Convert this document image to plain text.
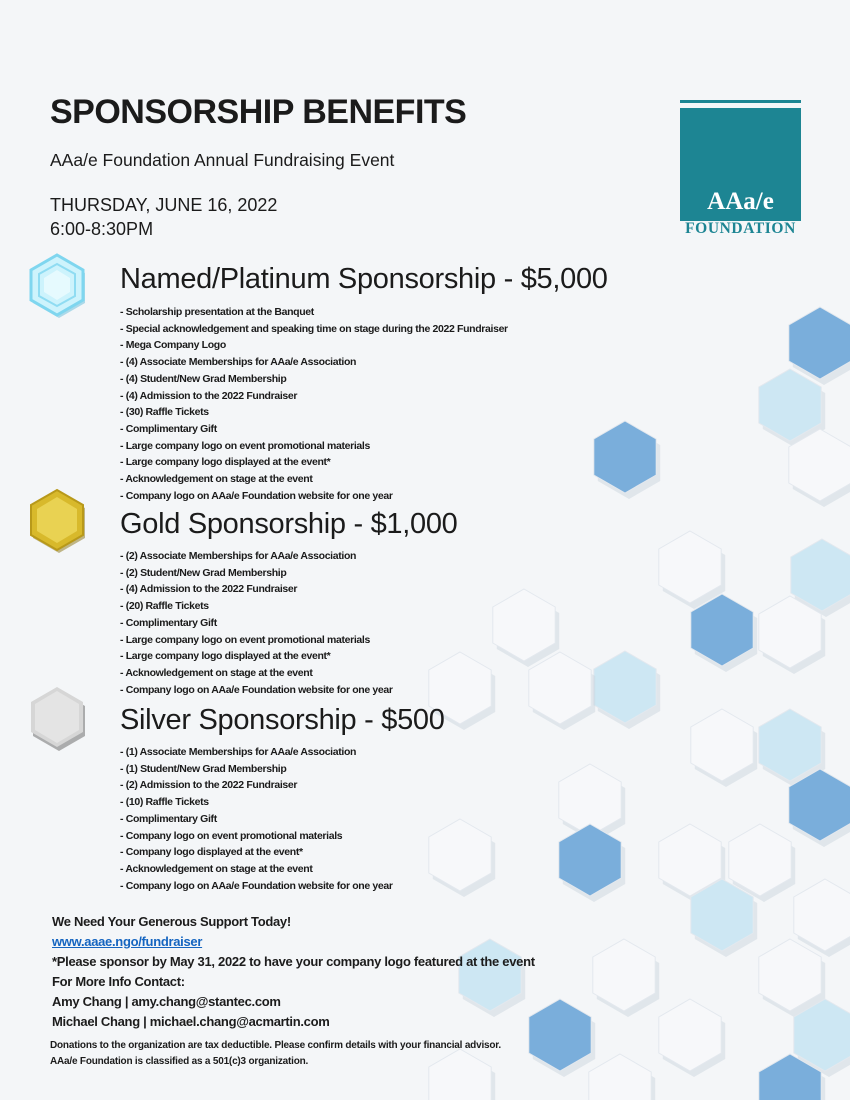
SPONSORSHIP BENEFITS
AAa/e Foundation Annual Fundraising Event
THURSDAY, JUNE 16, 2022
6:00-8:30PM
AAa/e
FOUNDATION
Named/Platinum Sponsorship - $5,000
- Scholarship presentation at the Banquet
- Special acknowledgement and speaking time on stage during the 2022 Fundraiser
- Mega Company Logo
- (4) Associate Memberships for AAa/e Association
- (4) Student/New Grad Membership
- (4) Admission to the 2022 Fundraiser
- (30) Raffle Tickets
- Complimentary Gift
- Large company logo on event promotional materials
- Large company logo displayed at the event*
- Acknowledgement on stage at the event
- Company logo on AAa/e Foundation website for one year
Gold Sponsorship - $1,000
- (2) Associate Memberships for AAa/e Association
- (2) Student/New Grad Membership
- (4) Admission to the 2022 Fundraiser
- (20) Raffle Tickets
- Complimentary Gift
- Large company logo on event promotional materials
- Large company logo displayed at the event*
- Acknowledgement on stage at the event
- Company logo on AAa/e Foundation website for one year
Silver Sponsorship - $500
- (1) Associate Memberships for AAa/e Association
- (1) Student/New Grad Membership
- (2) Admission to the 2022 Fundraiser
- (10) Raffle Tickets
- Complimentary Gift
- Company logo on event promotional materials
- Company logo displayed at the event*
- Acknowledgement on stage at the event
- Company logo on AAa/e Foundation website for one year
We Need Your Generous Support Today!
www.aaae.ngo/fundraiser
*Please sponsor by May 31, 2022 to have your company logo featured at the event
For More Info Contact:
Amy Chang | amy.chang@stantec.com
Michael Chang | michael.chang@acmartin.com
Donations to the organization are tax deductible. Please confirm details with your financial advisor.
AAa/e Foundation is classified as a 501(c)3 organization.
